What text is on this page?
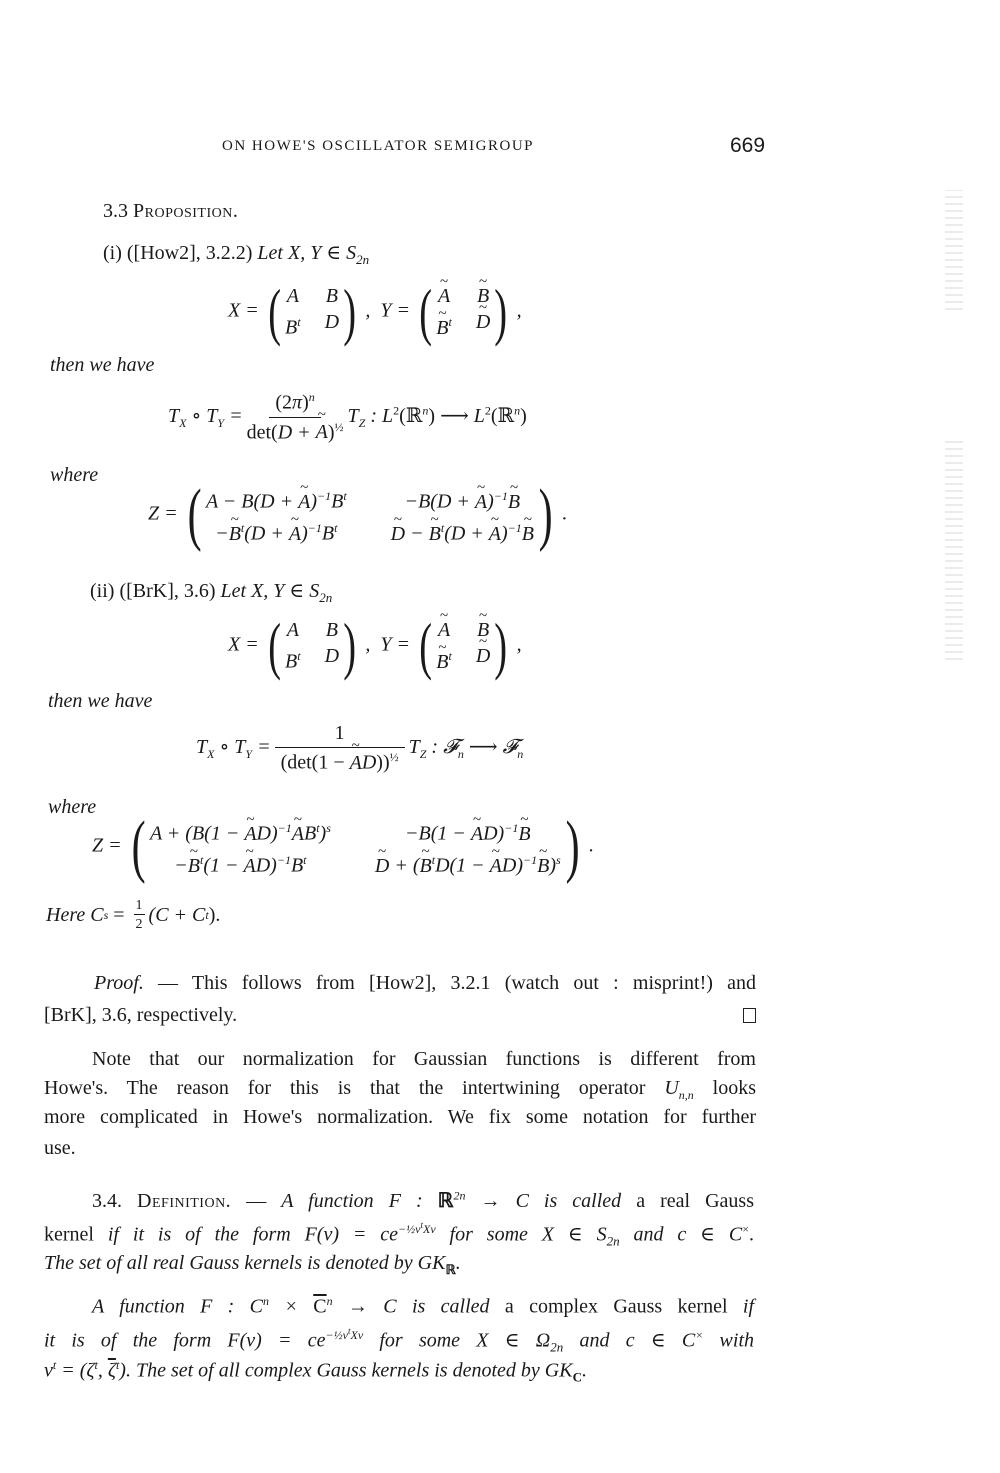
ON HOWE'S OSCILLATOR SEMIGROUP	669
3.3 Proposition.
(i) ([How2], 3.2.2) Let X, Y ∈ $S_{2n}$
X = ( A B
$B^t$ D ) ,  Y = ( ~ A ~ B
~ $B^t$ ~ D ) ,
then we have
$T_X$ ∘ $T_Y = \frac{(2\pi)^n}{\det(D + \sim A)^{\frac{1}{2}}} T_Z$ : $L^2(ℝ^n)$ ⟶ $L^2(ℝ^n)$
where
Z = ( A − B(D + ~ $A)^{-1}B^t$	−B(D + ~ A)$^{-1}$~ B
−~ $B^t(D$ + ~ $A)^{-1}B^t$	~ D − ~ $B^t(D$ + ~ A)$^{-1}$~ B ) .
(ii) ([BrK], 3.6) Let X, Y ∈ $S_{2n}$
X = ( A B
$B^t$ D ) ,  Y = ( ~ A ~ B
~ $B^t$ ~ D ) ,
then we have
$T_X$ ∘ $T_Y = \frac{1}{(\det(1 - \sim AD))^{\frac{1}{2}}} T_Z$ : 𝓕$_n$ ⟶ 𝓕$_n$
where
Z = ( A + (B(1 − ~ AD)$^{-1}$~ $AB^t)^s$	−B(1 − ~ AD)$^{-1}$~ B
−~ $B^t(1$ − ~ $AD)^{-1}B^t$	~ D + (~ $B^tD(1$ − ~ AD)$^{-1}$~ B)$^s$ ) .
Here C $s = \frac{1}{2} (C + C$ t ).
Proof. — This follows from [How2], 3.2.1 (watch out : misprint!) and
[BrK], 3.6, respectively.
Note that our normalization for Gaussian functions is different from
Howe's. The reason for this is that the intertwining operator $U_{n,n}$ looks
more complicated in Howe's normalization. We fix some notation for further
use.
3.4. Definition. — A function F : ℝ$^{2n}$ → C is called a real Gauss
kernel if it is of the form $F(v) = ce^{-\frac{1}{2}v^tXv}$ for some X ∈ $S_{2n}$ and c ∈ C×.
The set of all real Gauss kernels is denoted by $GK_ℝ$.
A function F : $C^n \times \overline{C}^n \to C$ is called a complex Gauss kernel if
it is of the form $F(v) = ce^{-\frac{1}{2}v^tXv}$ for some X ∈ $\Omega_{2n}$ and c ∈ C× with
$v^t = (\zeta^t$, $\overline{\zeta}^t$). The set of all complex Gauss kernels is denoted by $GK_C$.
